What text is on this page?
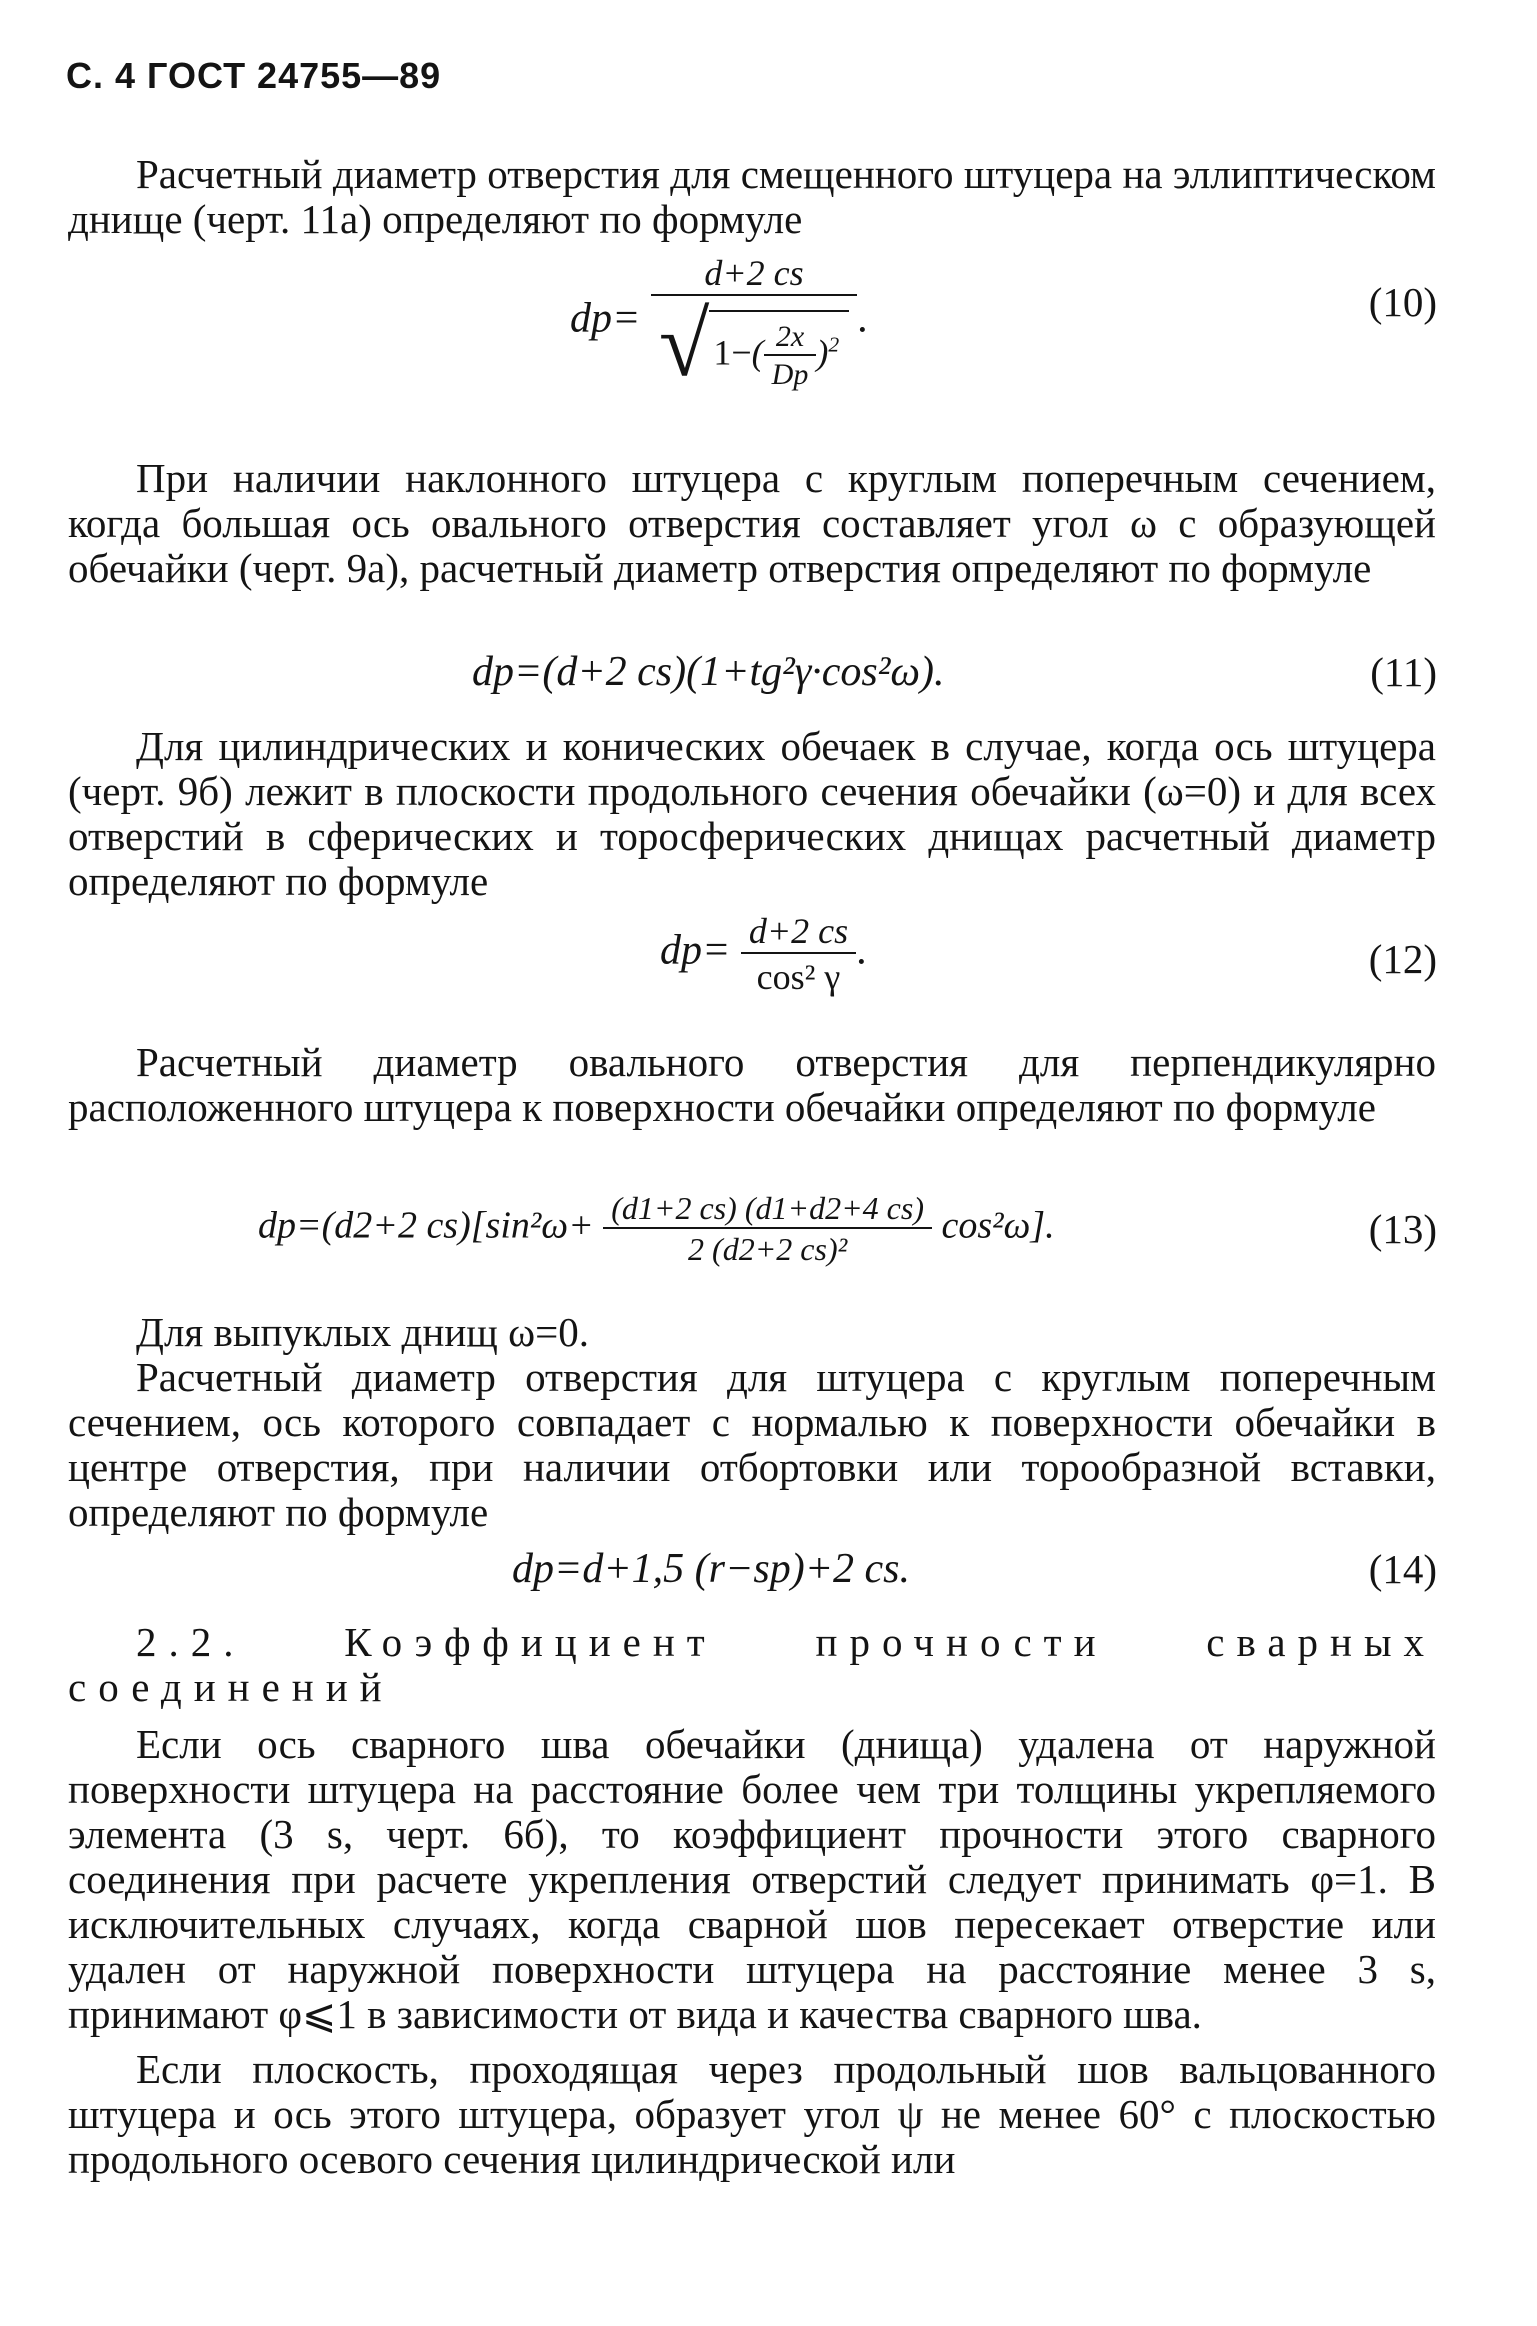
С. 4 ГОСТ 24755—89

Расчетный диаметр отверстия для смещенного штуцера на эллиптическом днище (черт. 11а) определяют по формуле

$dp= \frac{d+2 cs}{√ 1-( \frac{2x}{Dp} )^2}$ .	(10)

При наличии наклонного штуцера с круглым поперечным сечением, когда большая ось овального отверстия составляет угол ω с образующей обечайки (черт. 9а), расчетный диаметр отверстия определяют по формуле

dp=(d+2 cs)(1+tg²γ·cos²ω).	(11)

Для цилиндрических и конических обечаек в случае, когда ось штуцера (черт. 9б) лежит в плоскости продольного сечения обечайки (ω=0) и для всех отверстий в сферических и торосферических днищах расчетный диаметр определяют по формуле

$dp= \frac{d+2 cs}{\text{cos² γ}}$ .	(12)

Расчетный диаметр овального отверстия для перпендикулярно расположенного штуцера к поверхности обечайки определяют по формуле

dp=(d2+2 $cs)[\sin^2\omega+ \frac{(d1+2 cs) (d1+d2+4 cs)}{\text{2 (d2+2 cs)²}} \cos^2\omega]$.	(13)

Для выпуклых днищ ω=0.

Расчетный диаметр отверстия для штуцера с круглым поперечным сечением, ось которого совпадает с нормалью к поверхности обечайки в центре отверстия, при наличии отбортовки или торообразной вставки, определяют по формуле

dp=d+1,5 (r−sp)+2 cs.	(14)

2.2. Коэффициент прочности сварных соединений

Если ось сварного шва обечайки (днища) удалена от наружной поверхности штуцера на расстояние более чем три толщины укрепляемого элемента (3 s, черт. 6б), то коэффициент прочности этого сварного соединения при расчете укрепления отверстий следует принимать φ=1. В исключительных случаях, когда сварной шов пересекает отверстие или удален от наружной поверхности штуцера на расстояние менее 3 s, принимают φ⩽1 в зависимости от вида и качества сварного шва.

Если плоскость, проходящая через продольный шов вальцованного штуцера и ось этого штуцера, образует угол ψ не менее 60° с плоскостью продольного осевого сечения цилиндрической или
